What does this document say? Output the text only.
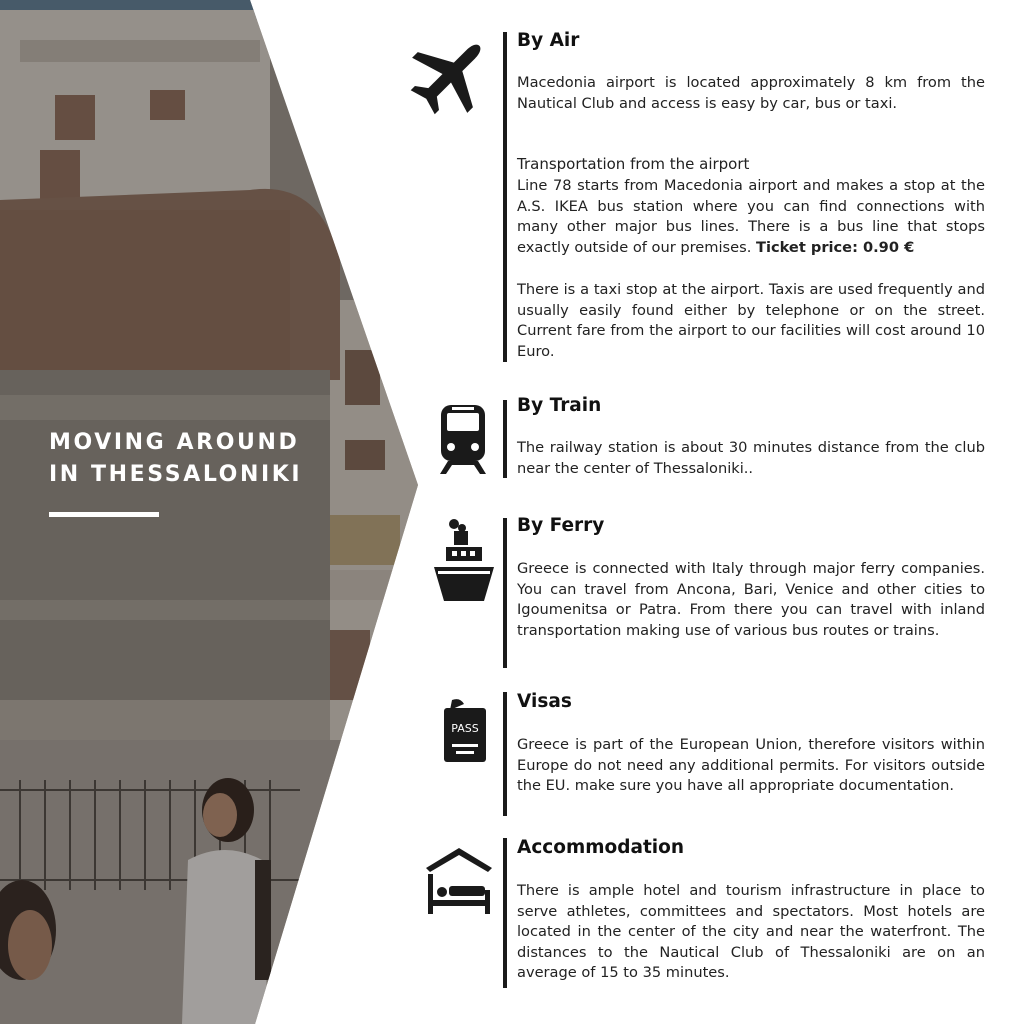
MOVING AROUND
IN THESSALONIKI
By Air
Macedonia airport is located approximately 8 km from the Nautical Club and access is easy by car, bus or taxi.
Transportation from the airport
Line 78 starts from Macedonia airport and makes a stop at the A.S. IKEA bus station where you can find connections with many other major bus lines. There is a bus line that stops exactly outside of our premises. Ticket price: 0.90 €
There is a taxi stop at the airport. Taxis are used frequently and usually easily found either by telephone or on the street. Current fare from the airport to our facilities will cost around 10 Euro.
By Train
The railway station is about 30 minutes distance from the club near the center of Thessaloniki..
By Ferry
Greece is connected with Italy through major ferry companies. You can travel from Ancona, Bari, Venice and other cities to Igoumenitsa or Patra. From there you can travel with inland transportation making use of various bus routes or trains.
PASS
Visas
Greece is part of the European Union, therefore visitors within Europe do not need any additional permits. For visitors outside the EU. make sure you have all appropriate documentation.
Accommodation
There is ample hotel and tourism infrastructure in place to serve athletes, committees and spectators. Most hotels are located in the center of the city and near the waterfront. The distances to the Nautical Club of Thessaloniki are on an average of 15 to 35 minutes.
